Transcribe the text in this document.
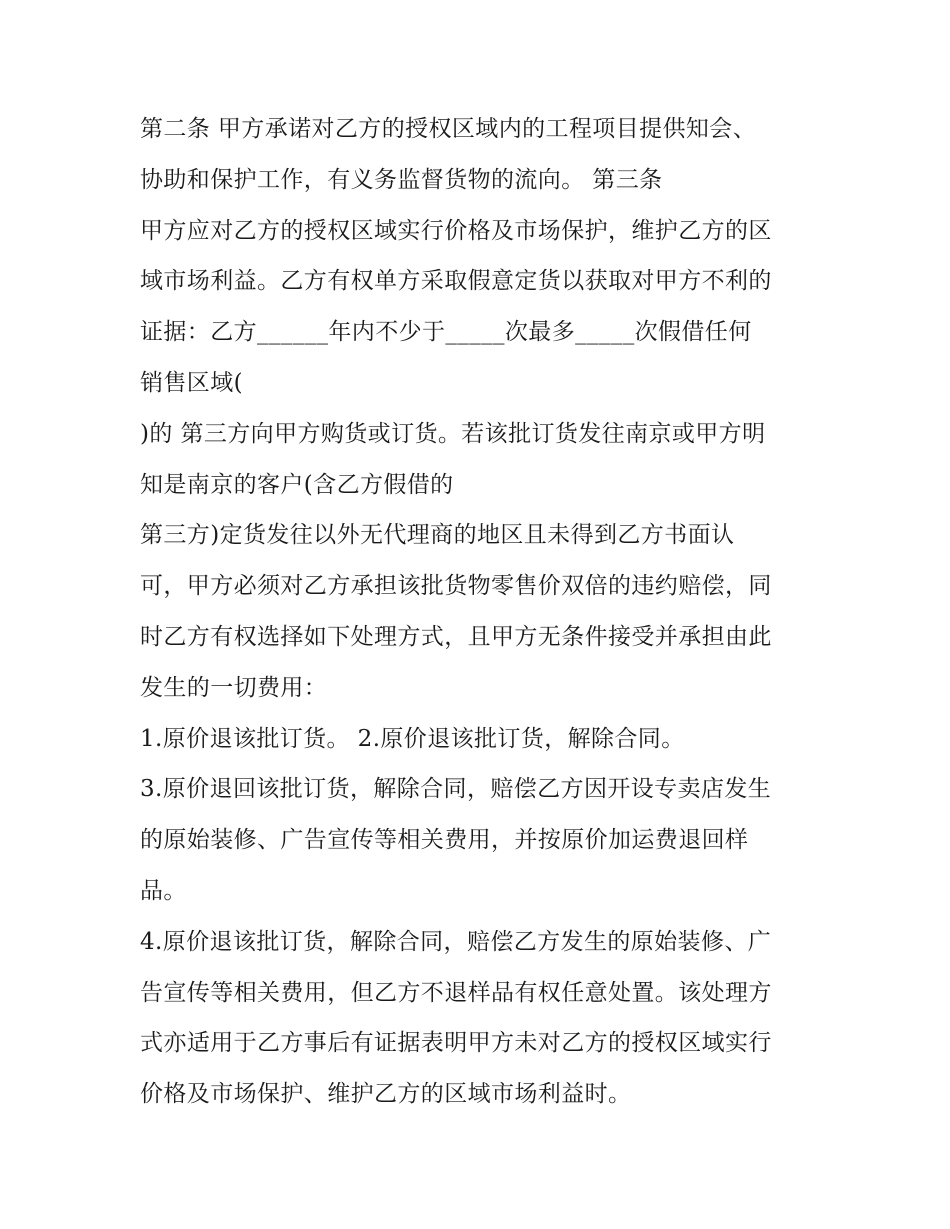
第二条 甲方承诺对乙方的授权区域内的工程项目提供知会、
协助和保护工作，有义务监督货物的流向。 第三条
甲方应对乙方的授权区域实行价格及市场保护，维护乙方的区
域市场利益。乙方有权单方采取假意定货以获取对甲方不利的
证据：乙方______年内不少于_____次最多_____次假借任何
销售区域(
)的 第三方向甲方购货或订货。若该批订货发往南京或甲方明
知是南京的客户(含乙方假借的
第三方)定货发往以外无代理商的地区且未得到乙方书面认
可，甲方必须对乙方承担该批货物零售价双倍的违约赔偿，同
时乙方有权选择如下处理方式，且甲方无条件接受并承担由此
发生的一切费用：
1.原价退该批订货。 2.原价退该批订货，解除合同。
3.原价退回该批订货，解除合同，赔偿乙方因开设专卖店发生
的原始装修、广告宣传等相关费用，并按原价加运费退回样
品。
4.原价退该批订货，解除合同，赔偿乙方发生的原始装修、广
告宣传等相关费用，但乙方不退样品有权任意处置。该处理方
式亦适用于乙方事后有证据表明甲方未对乙方的授权区域实行
价格及市场保护、维护乙方的区域市场利益时。
